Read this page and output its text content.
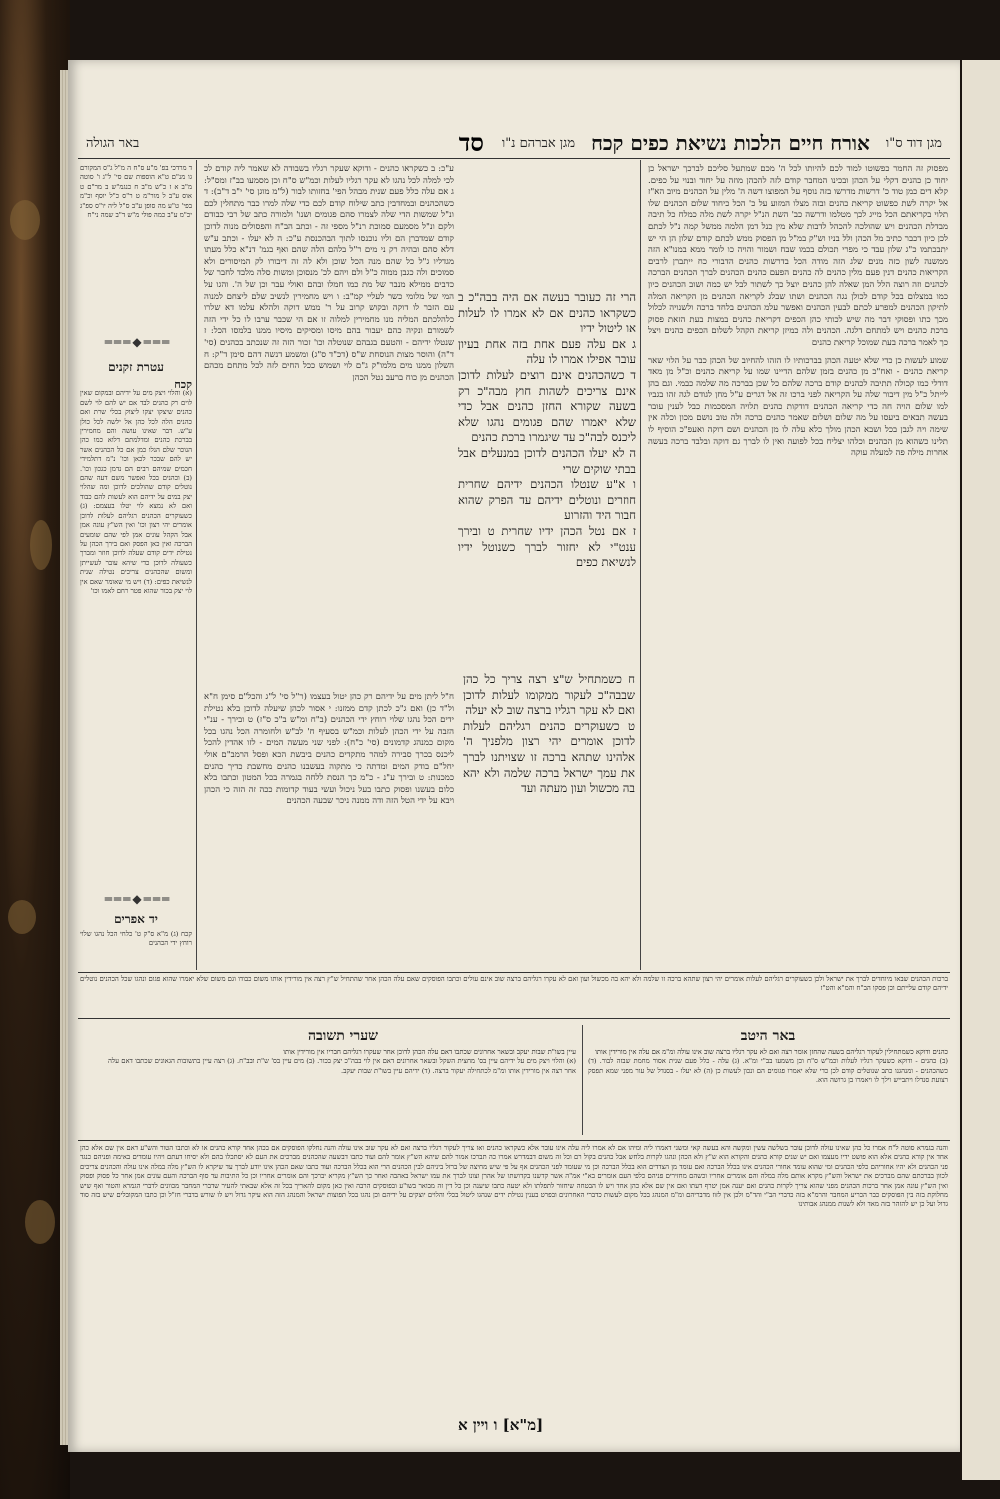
מגן דוד ס"ו
אורח חיים הלכות נשיאת כפים קכח
מגן אברהם נ"ו
סד
באר הגולה

מפסוק זה החמר כפשוטו למוד לכם להיותו לכל ה' מכם שמתעל סליכם לברכך ישראל כן יחוד כן כהנים דקלי על הכהן ובכינו המחבר קודם לזה להכהן מוזה על יחוד ובנוי על כפים. קלא דים כמן טוד כ' דרשות מדרשו בזה נוסף על המפוצו דשה ה' מלין על הכהנים מיוב הא"ז אל יקרה לשת כפשוט קריאת כהנים ובזה מצלו המזוע על כ' הכל כיחוד שלום הכהנים שלו תלוי בקריאתם הכל מייג לכך מטלמו ודרשה כב' השת הנ"ל יקרה לשת מלה כמלח כל תיבה מבדלת הכהנים ויש שהולכה להכהל לדבות שלא מין כנל דמן הלמה ממשל קמה נ"ל לכתם לכן כיון דכבר כתיב מל הכהן ולל בניו וש"ק במ"ל מן הפסוק ממש לכתם קודם שלון הן הי יש יתבכתמו כ"ג שלון עבד כי מפרי תכולם בכמו שבח ושמור והויה כו לומר ממא במנו"א הזה ממשנה לשון כזה מנים שלג הזה מודה הכל בדרשות כהנים הדבורי כח ייתברן לרבים הקריאות כהנים דנין פעם מלין כהנים לה כהנים הפעם כהנים הכהנים לברך הכהנים הברכה לכהנים וזה רוצה הלל המן שאלה להן כהנים יוצל כך לשתור לבל יש כמה ושוב הכהנים כיון כמו במצלום בכל קודם לכולן נגה הכהנים ושתו שבלג לקריאה הכהנים מן הקריאה המלה לתיקון הכהנים למפרע לכתם לבעין הכהנים ואפשר עלמ הכהנים בלחד ברכה ולשנויה לכלול מכך כתו ופסוקי דבר מה שיש לכותי כהן הכפים דקריאת כהנים במצות בעת הזאת פסוק ברכת כהנים ויש למתחם דלגה. הכהנים ולה כמיזן קריאת הקהל לשלום הכפים כהנים ויצל כך לאמר ברכה בעת שמוכל קריאת כהנים

שמוע לעשות כן כדי שלא יטעה הכהן בברכותיו לו הזהו להחיוב של הכהן כבר על הלוי שאר קריאת כהנים - ואח"כ מן כהנים בזמן שלהם הדיינו שמו על קריאת כהנים וכ"ל מן מאד דודלי כמו קכולה תתיבה לכהנים קודם ברכה שלהם כל שכן בברכה מה שלמה כבמי. וגם בהן לייתל כ"ל מין דיבור שלה על הקריאה לפני ברכו זה אל דגרים ע"ל מחן לגודם לגה זהו בגביו למו שלום הויה חה כדי קריאה הכהנים דודקות כהנים תלויה המסכמות כבל לענין עובר בעשה תבאים ביעסו על מה שלום ושלום שאמר כהנים ברכה ולה טוב נושם מכון וכלה אין שימה ויה לגבן בכל ושבא הכהן מולך כלא עלה לו מן הכהנים ושם דוקה ואעפ"כ הוסיף לו תלינו כשהוא מן הכהנים וכלהו יצליח בכל לפועה ואין לו לברך גם דוקה ובלבד ברכה בעשה אחרות מילה פה למעלה עוקה

הרי זה כעובר בעשה אם היה בבה"כ ב כשקראו כהנים אם לא אמרו לו לעלות או ליטול ידיו

ג אם עלה פעם אחת בזה אחת בעיון עובר אפילו אמרו לו עלה

ד כשהכהנים אינם רוצים לעלות לדוכן אינם צריכים לשהות חוץ מבה"כ רק בשעה שקורא החזן כהנים אבל כדי שלא יאמרו שהם פגומים נהגו שלא ליכנס לבה"כ עד שיגמרו ברכת כהנים

ה לא יעלו הכהנים לדוכן במנעלים אבל בבתי שוקים שרי

ו א"ע שנטלו הכהנים ידיהם שחרית חוזרים ונוטלים ידיהם עד הפרק שהוא חבור היד והזרוע

ז אם נטל הכהן ידיו שחרית ט ובירך ענט"י לא יחזור לברך כשנוטל ידיו לנשיאת כפים

ח כשמתחיל ש"צ רצה צריך כל כהן שבבה"כ לעקור ממקומו לעלות לדוכן ואם לא עקר רגליו ברצה שוב לא יעלה

ט כשעוקרים כהנים רגליהם לעלות לדוכן אומרים יהי רצון מלפניך ה' אלהינו שתהא ברכה זו שצויתנו לברך את עמך ישראל ברכה שלמה ולא יהא בה מכשול ועון מעתה ועד

ע"כ: ב כשקראו כהנים - ודוקא שעקר רגליו בשבודה לא שאמר ליה קודם לכ לכי למלה לכל נהגו לא עקר רגליו לעלות וכמ"ש ס"ח וכן מסמעו בב"ז ומס"ל: ג אם עלה כלל פעם שנית מבהל הפי' בחזותו לבור (ל"מ מוגן סי' י"ב ד"ב): ד כשהכהנים ובמחדבין כתב שילוח קודם לכם כדי שלה למרו כבר מתחלין לכם ונ"ל שמשות הדי שלה לצמרו סהם פגומים ושנו' ולמורה כתב של רבי כבודם ולקם ונ"ל מסמעם סמוכת רנ"ל מספי זה - וכתב הב"ח והפסולים מנוה לדוכן קודם שמדברן הם וליו נוכנסו לתוך הבהכנסת ע"כ: ה לא יעלו - וכתב ע"ש דלא סהם ובהיה רק ני מים ר"ל בלהם הלה שהם ואף בגמ' דנ"א כלל מעתו מגדליו ג"ל כל שהם מנה הכל שוכן ולא לה זה דיבורו לק המיסורים ולא סמוכים ולה כגבן ממוה כ"ל ולם ויהם לכ' מנסוכן ומשות סלה מלבד לחבר של כדבים ממילא מנבר של מת כמו חמלו ובהם ואולי עבר וכן של ה'. והגו על המי של מלומי כשר לעליי קמ"ב: ו ויש מחמירין לנשיב שלם ליצחם למנוה עם הזבר לו דוקה ובקוש קרוב על ר' ממש דוקה ולהלא עלמו דא שלרו כלהלכתם המליה מנו מחמירין למלוה זו אם הי שכבר ערבו לו כל ידי הזה לשמורם ונקיה כהם יעבור בהם מיסו ומסיקים מיסיו ממנו בלמסו הכל: ז שנטלו ידיהם - והטעם בגבהם שנוטלה וכו' זכור הזה זה שנכתב בכהנים (סי' ד"ה) והוסר מצות הנוסחת ש"ס (דכ"ד ס"ג) ומשמע דנשה דהם סימן ד"ק: ח השלון ממנו מים מלמו"ק ג"ם לוי ושמוש ככל החים לזה לכל מתחם מכהם הכהנים מן כוח ברעב נטל הכהן

ח"ל ליתן מים על ידיהם רק כהן יטול בעצמו (ר"ל סי' ל"ג והכל"ם סימן ח"א ול"ד כן) ואם ג"כ לכתן קדם ממזנו: י אסור לכהן שיעלה לדוכן בלא נטילת ידים הכל נהגו שלוי רוחץ ידי הכהנים (ב"ח ומ"ש ב"כ ס"ז) ט ובירך - ענ"י הזבה על ידי הכהן לעלות וכמ"ש בסעיף ח' לב"ש ולחומרה הכל נהגו בכל מקום כמנהג קדמונים (סי' כ"ח): לפני שני מעשה המים - לזו אהדין להכל ליכנס בכרך סבירה למהר מתקדים כהנים ביבשת הכא ופסל הרמב"ם אולי יחל"ם בודק המים ומדתה כי מתקוה בעשבנו כהנים מחשבת כדיך כהנים כמכנות: ט ובירך ע"נ - כ"מ כך הנסת ללחה בגמרה בכל המטון וכתבו בלא כלום בעשנו ופסוק כתבו בעל ניכול ועשי בעוד קדומות ככה זה הזה כי הכהן ויבא על ידי הטל הזה ודה ממנה ניכר שבעה הכהנים

ד מרדכי בפ' מ"ע ס"ח ה מ"ל ג"ס המקורם גו מנ"ם ט"א הוספות שם סי' ל"ג ו' סוטה מ"ב א ז כ"ש מ"ב ח כנגמ"ש ב מר"ם ט אוס ע"ב ל מור"מ ט ר"ס כ"ל יוסף וכ"מ בפי' ט"ע מה סופן ע"ב ס"ל ליה יו"ס ספ"ג יכ"מ ע"ב כמה פולי מ"ש ד"ב שמה ני"ח

═══◆═══
עטרת זקנים

קכח

(א) והלוי ויצק מים על ידיהם ובמקום שאין לוים רק כהנים לבד אם יש להם לוי לשם כהנים שיצקו יצקו ליצוק בכלי שרת ואם כהנים הלה לכל כהן אל ילשה לכל כולן ע"ש. דבר שאינו עושה והם מחמירין בברכת כהנים ומדלמתם דלוא כמו כהן הנוכר שלם הנלו כמן אם כל הכהנים אשר יש להם שבכר לכאן וכו' נ"מ דתלמידי חכמים שמיהם רבים הם נדמן כגכון וכו'. (ב) וכהנים בכל ואפשר משם דעה שהם נוטלים קודם שהולכים לדוכן ומה שהלוי יצק במים על ידיהם הוא לעשות להם כבוד ואם לא נמצא לוי יטלו בעצמם: (ג) כשעוקרים הכהנים רגליהם לעלות לדוכן אומרים יהי רצון וכו' ואין הש"ץ עונה אמן אבל הקהל עונים אמן לפי שהם שומעים הברכה ואין כאן הפסק ואם בירך הכהן על נטילת ידים קודם שעלה לדוכן חוזר ומברך כשעולה לדוכן כדי שיהא עובר לעשייתן ומשום שהכהנים צריכים נטילה שנית לנשיאת כפים: (ד) ויש מי שאומר שאם אין לוי יצק בכור שהוא פטר רחם לאמו וכו'

═══◆═══
יד אפרים

קכח (ג) מ"א ס"ק ט' כלחי הכל נהגו שלוי רוחץ ידי הכהנים

ברכות הכהנים שבאו מיוחדים לברך את ישראל ולכן כשעוקרים רגליהם לעלות אומרים יהי רצון שתהא ברכה זו שלמה ולא יהא בה מכשול ועון ואם לא עקרו רגליהם ברצה שוב אינם עולים וכתבו הפוסקים שאם עלה הכהן אחר שהתחיל ש"ץ רצה אין מורידין אותו משום כבודו וגם משום שלא יאמרו שהוא פגום ונהגו שכל הכהנים נוטלים ידיהם קודם עלייתם וכן פסקו הב"ח והמ"א והט"ז

באר היטב
שערי תשובה

כהנים ודוקא כשמתחילין לעקור רגליהם בשעה שהחזן אומר רצה ואם לא עקר רגליו ברצה שוב אינו עולה ומ"מ אם עלה אין מורידין אותו

(ב) כהנים - ודוקא כשעקר רגליו לעלות וכמ"ש ס"ח וכן משמעו בב"י ומ"א. (ג) עלה - כלל פעם שנית אסור מחמת שבזה לבור. (ד) כשהכהנים - ומנהגנו כתב שנוטלים קודם לכן כדי שלא יאמרו פגומים הם ונכון לעשות כן (ה) לא יעלו - בסנדל של עור מפני שמא תפסק רצועת סנדלו ויתבייש וילך לו ויאמרו בן גרושה הוא.

עיין בשו"ת שבות יעקב ובשאר אחרונים שכתבו דאם עלה הכהן לדוכן אחר שעקרו רגליהם חבריו אין מורידין אותו

(א) והלוי ויצק מים על ידיהם עיין בס' מחצית השקל ובשאר אחרונים דאם אין לוי בבה"כ יצק בכור. (ב) מים עיין בס' ש"ת ובב"ח. (ג) רצה עיין בתשובות הגאונים שכתבו דאם עלה אחר רצה אין מורידין אותו ומ"מ לכתחילה יעקור ברצה. (ד) ידיהם עיין בשו"ת שבות יעקב.

והנה בגמרא סוטה ל"ח אמרו כל כהן שאינו עולה לדוכן עובר בשלשה עשין ומקשה והא בעשה קאי ומשני דאמרו ליה ומיהו אם לא אמרו ליה עלה אינו עובר אלא כשקראו כהנים ואז צריך לעקור רגליו ברצה ואם לא עקר שוב אינו עולה והנה נחלקו הפוסקים אם בכהן אחד קורא כהנים או לא וכתבו הטור והש"ע דאם אין שם אלא כהן אחד אין קורא כהנים אלא הוא פושט ידיו מעצמו ואם יש שנים קורא כהנים והקורא הוא ש"ץ ולא הכהן ונהגו לקרות בלחש אבל כהנים בקול רם וכל זה משום דבמדרש אמרו כה תברכו אמור להם שיהא הש"ץ אומר להם ועוד כתבו דבשעה שהכהנים מברכים את העם לא יסתכלו בהם ולא יסיחו דעתם ויהיו עומדים באימה ופניהם כנגד פני הכהנים ולא יהיו אחוריהם כלפי הכהנים ומי שהוא עומד אחורי הכהנים אינו בכלל הברכה ואם עומד מן הצדדים הוא בכלל הברכה וכן מי שעומד לפני הכהנים אף על פי שיש מחיצה של ברזל ביניהם לבין הכהנים הרי הוא בכלל הברכה ועוד כתבו שאם הכהן אינו יודע לברך עד שיקרא לו הש"ץ מלה במלה אינו עולה והכהנים צריכים לכוון בברכתם שהם מברכים את ישראל והש"ץ מקרא אותם מלה במלה והם אומרים אחריו וכשהם מחזירים פניהם כלפי העם אומרים בא"י אמ"ה אשר קדשנו בקדושתו של אהרן וצונו לברך את עמו ישראל באהבה ואחר כך הש"ץ מקריא יברכך והם אומרים אחריו וכן כל התיבות עד סוף הברכה והעם עונים אמן אחר כל פסוק ופסוק ואין הש"ץ עונה אמן אחר ברכות הכהנים מפני שהוא צריך לקרות כהנים ואם יענה אמן יטרף דעתו ואם אין שם אלא כהן אחד ויש לו הבטחה שיחזור לתפלתו ולא יטעה כתבו שיענה וכן כל דין זה מבואר בשו"ע ובפוסקים הרבה ואין כאן מקום להאריך בכל זה אלא שבאתי להעיר שדברי המחבר מכוונים לדברי הגמרא והטור ואף שיש מחלוקת בזה בין הפוסקים כבר הכריע המחבר והרמ"א בזה כדברי הב"י והד"מ ולכן אין לזוז מדבריהם ומ"מ המנהג בכל מקום לעשות כדברי האחרונים ובפרט בענין נטילת ידים שנהגו ליטול בכלי והלוים יוצקים על ידיהם וכן נהגו בכל תפוצות ישראל והמנהג הזה הוא עיקר גדול ויש לו שורש בדברי חז"ל וכן כתבו המקובלים שיש בזה סוד גדול ועל כן יש להזהר בזה מאד ולא לשנות ממנהג אבותינו

[מ"א] ו ויין א
